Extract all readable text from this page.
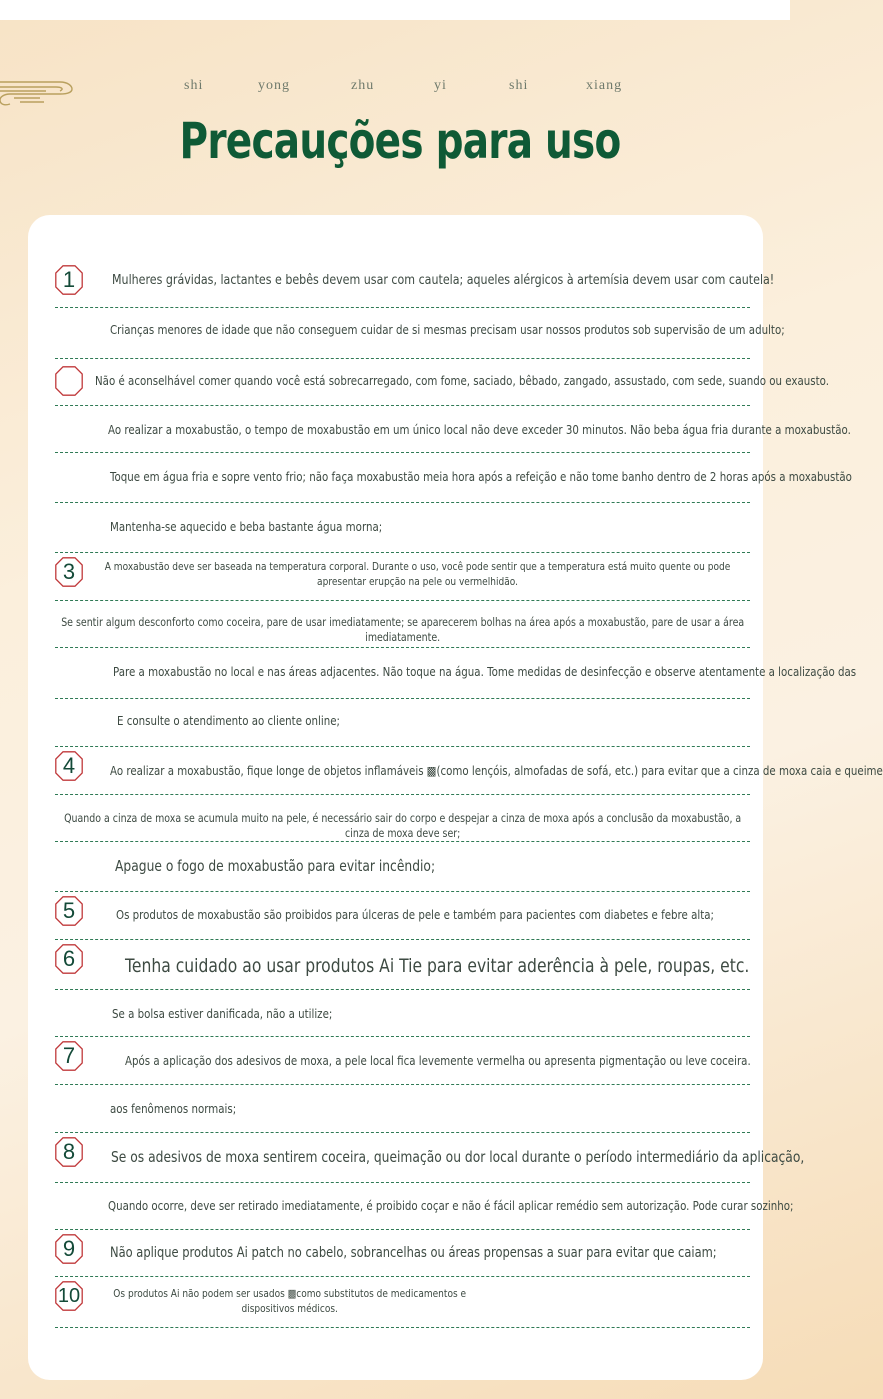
shi	yong	zhu	yi	shi	xiang
Precauções para uso
1	Mulheres grávidas, lactantes e bebês devem usar com cautela; aqueles alérgicos à artemísia devem usar com cautela!
Crianças menores de idade que não conseguem cuidar de si mesmas precisam usar nossos produtos sob supervisão de um adulto;
Não é aconselhável comer quando você está sobrecarregado, com fome, saciado, bêbado, zangado, assustado, com sede, suando ou exausto.
Ao realizar a moxabustão, o tempo de moxabustão em um único local não deve exceder 30 minutos. Não beba água fria durante a moxabustão.
Toque em água fria e sopre vento frio; não faça moxabustão meia hora após a refeição e não tome banho dentro de 2 horas após a moxabustão
Mantenha-se aquecido e beba bastante água morna;
3	A moxabustão deve ser baseada na temperatura corporal. Durante o uso, você pode sentir que a temperatura está muito quente ou pode apresentar erupção na pele ou vermelhidão.
Se sentir algum desconforto como coceira, pare de usar imediatamente; se aparecerem bolhas na área após a moxabustão, pare de usar a área imediatamente.
Pare a moxabustão no local e nas áreas adjacentes. Não toque na água. Tome medidas de desinfecção e observe atentamente a localização das
E consulte o atendimento ao cliente online;
4	Ao realizar a moxabustão, fique longe de objetos inflamáveis ▩(como lençóis, almofadas de sofá, etc.) para evitar que a cinza de moxa caia e queime
Quando a cinza de moxa se acumula muito na pele, é necessário sair do corpo e despejar a cinza de moxa após a conclusão da moxabustão, a cinza de moxa deve ser;
Apague o fogo de moxabustão para evitar incêndio;
5	Os produtos de moxabustão são proibidos para úlceras de pele e também para pacientes com diabetes e febre alta;
6	Tenha cuidado ao usar produtos Ai Tie para evitar aderência à pele, roupas, etc.
Se a bolsa estiver danificada, não a utilize;
7	Após a aplicação dos adesivos de moxa, a pele local fica levemente vermelha ou apresenta pigmentação ou leve coceira.
aos fenômenos normais;
8	Se os adesivos de moxa sentirem coceira, queimação ou dor local durante o período intermediário da aplicação,
Quando ocorre, deve ser retirado imediatamente, é proibido coçar e não é fácil aplicar remédio sem autorização. Pode curar sozinho;
9	Não aplique produtos Ai patch no cabelo, sobrancelhas ou áreas propensas a suar para evitar que caiam;
10	Os produtos Ai não podem ser usados ▩como substitutos de medicamentos e dispositivos médicos.
